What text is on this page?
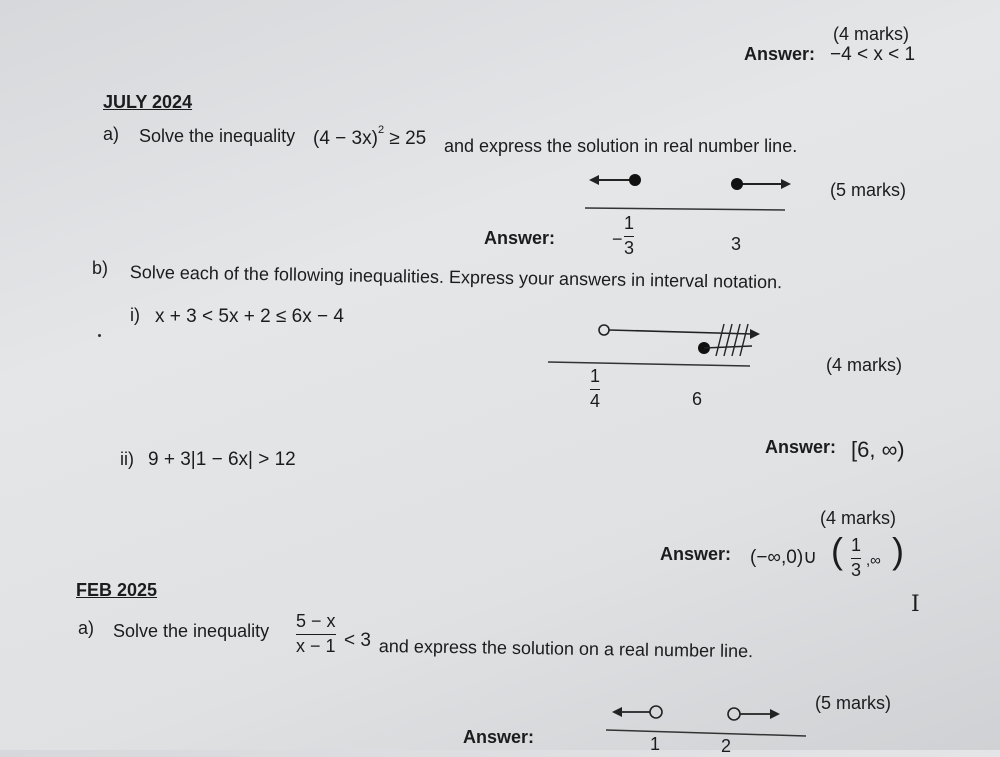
(4 marks)
Answer: −4 < x < 1
JULY 2024
a) Solve the inequality $(4 - 3x)^2 \ge 25$ and express the solution in real number line.
(5 marks)
Answer:	−
1
3	3
b) Solve each of the following inequalities. Express your answers in interval notation.
i) x + 3 < 5x + 2 ≤ 6x − 4
(4 marks)
1
4	6
ii) 9 + 3|1 − 6x| > 12
Answer: [6, ∞)
(4 marks)
Answer: (−∞,0)∪ ( 1
3 ,∞ )
FEB 2025
I
a) Solve the inequality 5 − x
x − 1 < 3 and express the solution on a real number line.
(5 marks)
Answer:	1	2
